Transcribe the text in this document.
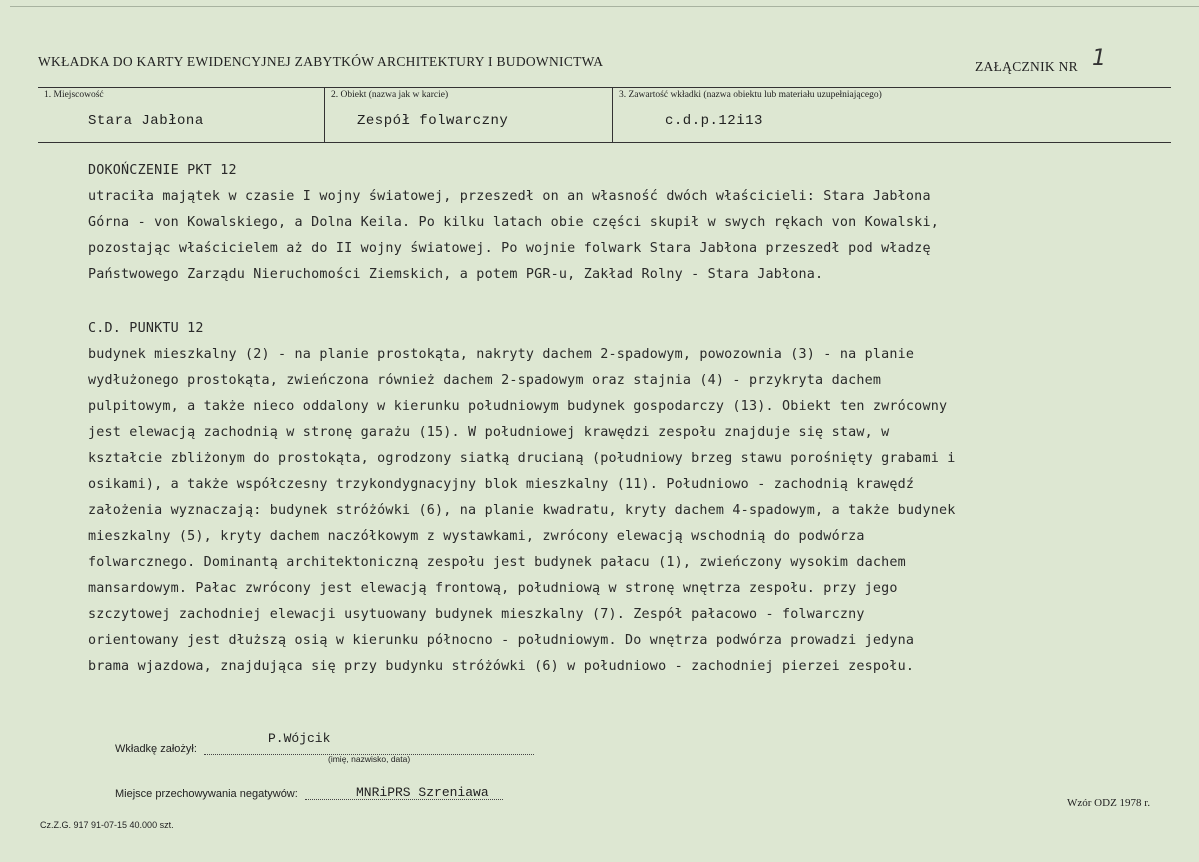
WKŁADKA DO KARTY EWIDENCYJNEJ ZABYTKÓW ARCHITEKTURY I BUDOWNICTWA	ZAŁĄCZNIK NR 1
1. Miejscowość
Stara Jabłona

2. Obiekt (nazwa jak w karcie)
Zespół folwarczny

3. Zawartość wkładki (nazwa obiektu lub materiału uzupełniającego)
c.d.p.12i13

DOKOŃCZENIE PKT 12

utraciła majątek w czasie I wojny światowej, przeszedł on an własność dwóch właścicieli: Stara Jabłona

Górna - von Kowalskiego, a Dolna Keila. Po kilku latach obie części skupił w swych rękach von Kowalski,

pozostając właścicielem aż do II wojny światowej. Po wojnie folwark Stara Jabłona przeszedł pod władzę

Państwowego Zarządu Nieruchomości Ziemskich, a potem PGR-u, Zakład Rolny - Stara Jabłona.

C.D. PUNKTU 12

budynek mieszkalny (2) - na planie prostokąta, nakryty dachem 2-spadowym, powozownia (3) - na planie

wydłużonego prostokąta, zwieńczona również dachem 2-spadowym oraz stajnia (4) - przykryta dachem

pulpitowym, a także nieco oddalony w kierunku południowym budynek gospodarczy (13). Obiekt ten zwrócowny

jest elewacją zachodnią w stronę garażu (15). W południowej krawędzi zespołu znajduje się staw, w

kształcie zbliżonym do prostokąta, ogrodzony siatką drucianą (południowy brzeg stawu porośnięty grabami i

osikami), a także współczesny trzykondygnacyjny blok mieszkalny (11). Południowo - zachodnią krawędź

założenia wyznaczają: budynek stróżówki (6), na planie kwadratu, kryty dachem 4-spadowym, a także budynek

mieszkalny (5), kryty dachem naczółkowym z wystawkami, zwrócony elewacją wschodnią do podwórza

folwarcznego. Dominantą architektoniczną zespołu jest budynek pałacu (1), zwieńczony wysokim dachem

mansardowym. Pałac zwrócony jest elewacją frontową, południową w stronę wnętrza zespołu. przy jego

szczytowej zachodniej elewacji usytuowany budynek mieszkalny (7). Zespół pałacowo - folwarczny

orientowany jest dłuższą osią w kierunku północno - południowym. Do wnętrza podwórza prowadzi jedyna

brama wjazdowa, znajdująca się przy budynku stróżówki (6) w południowo - zachodniej pierzei zespołu.

Wkładkę założył:
P.Wójcik
(imię, nazwisko, data)
Miejsce przechowywania negatywów:	MNRiPRS Szreniawa
Wzór ODZ 1978 r.
Cz.Z.G. 917 91-07-15 40.000 szt.
